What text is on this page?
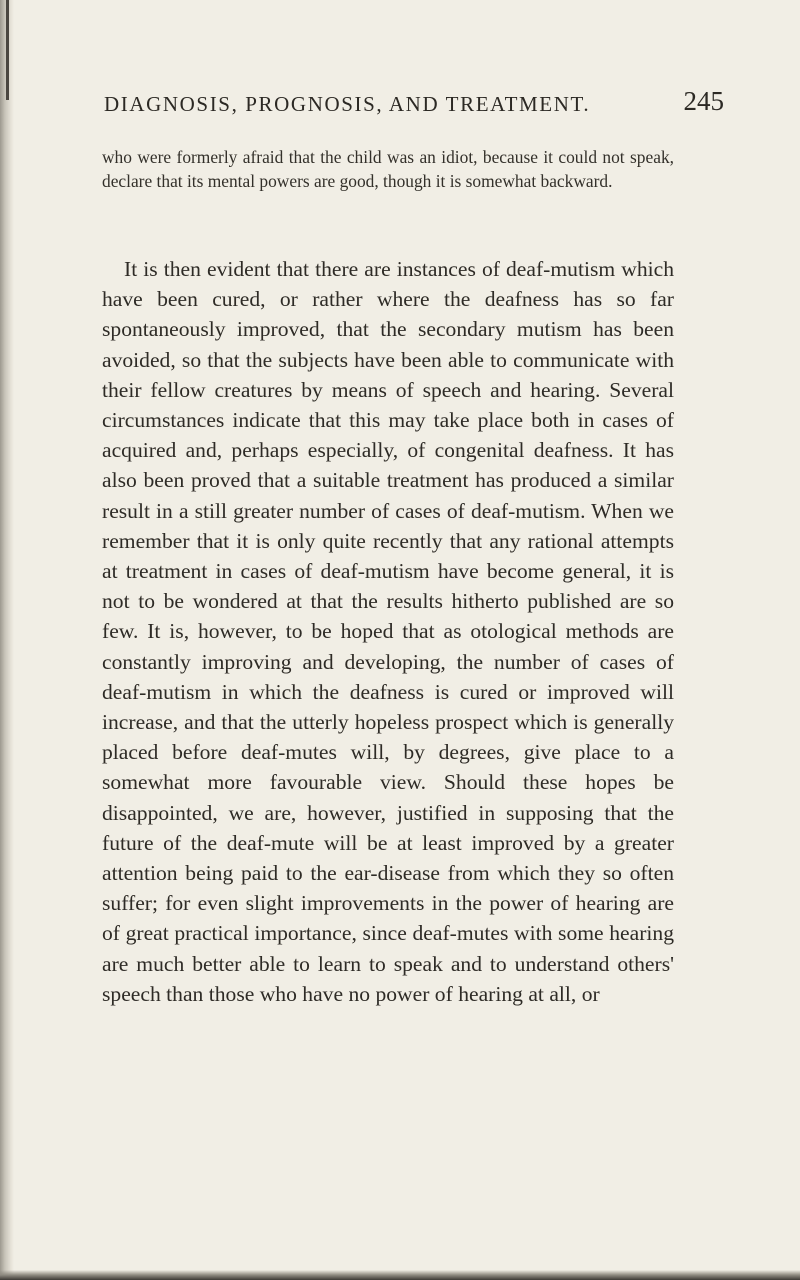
DIAGNOSIS, PROGNOSIS, AND TREATMENT.	245
who were formerly afraid that the child was an idiot, because it could not speak, declare that its mental powers are good, though it is somewhat backward.
It is then evident that there are instances of deaf-mutism which have been cured, or rather where the deafness has so far spontaneously improved, that the secondary mutism has been avoided, so that the subjects have been able to communicate with their fellow creatures by means of speech and hearing. Several circumstances indicate that this may take place both in cases of acquired and, perhaps especially, of congenital deafness. It has also been proved that a suitable treatment has produced a similar result in a still greater number of cases of deaf-mutism. When we remember that it is only quite recently that any rational attempts at treatment in cases of deaf-mutism have become general, it is not to be wondered at that the results hitherto published are so few. It is, however, to be hoped that as otological methods are constantly improving and developing, the number of cases of deaf-mutism in which the deafness is cured or improved will increase, and that the utterly hopeless prospect which is generally placed before deaf-mutes will, by degrees, give place to a somewhat more favourable view. Should these hopes be disappointed, we are, however, justified in supposing that the future of the deaf-mute will be at least improved by a greater attention being paid to the ear-disease from which they so often suffer; for even slight improvements in the power of hearing are of great practical importance, since deaf-mutes with some hearing are much better able to learn to speak and to understand others' speech than those who have no power of hearing at all, or
